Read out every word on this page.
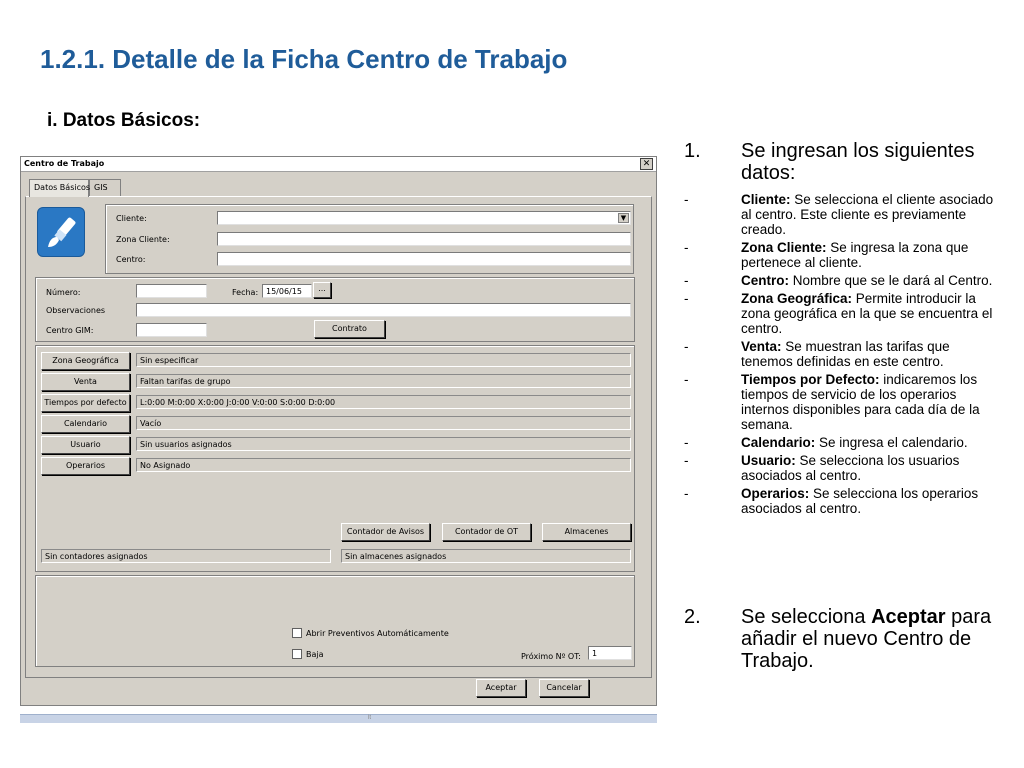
1.2.1. Detalle de la Ficha Centro de Trabajo
i. Datos Básicos:
Centro de Trabajo	✕
Datos Básicos GIS
Cliente:	▼
Zona Cliente:
Centro:
Número:	Fecha: 15/06/15	...
Observaciones
Centro GIM:	Contrato
Zona Geográfica	Sin especificar
Venta	Faltan tarifas de grupo
Tiempos por defecto	L:0:00 M:0:00 X:0:00 J:0:00 V:0:00 S:0:00 D:0:00
Calendario	Vacío
Usuario	Sin usuarios asignados
Operarios	No Asignado
Contador de Avisos	Contador de OT	Almacenes
Sin contadores asignados	Sin almacenes asignados
Abrir Preventivos Automáticamente
Baja	Próximo Nº OT:	1
Aceptar	Cancelar
lt
1. Se ingresan los siguientes datos:
-	Cliente: Se selecciona el cliente asociado al centro. Este cliente es previamente creado.
-	Zona Cliente: Se ingresa la zona que pertenece al cliente.
-	Centro: Nombre que se le dará al Centro.
-	Zona Geográfica: Permite introducir la zona geográfica en la que se encuentra el centro.
-	Venta: Se muestran las tarifas que tenemos definidas en este centro.
-	Tiempos por Defecto: indicaremos los tiempos de servicio de los operarios internos disponibles para cada día de la semana.
-	Calendario: Se ingresa el calendario.
-	Usuario: Se selecciona los usuarios asociados al centro.
-	Operarios: Se selecciona los operarios asociados al centro.
2. Se selecciona Aceptar para añadir el nuevo Centro de Trabajo.
